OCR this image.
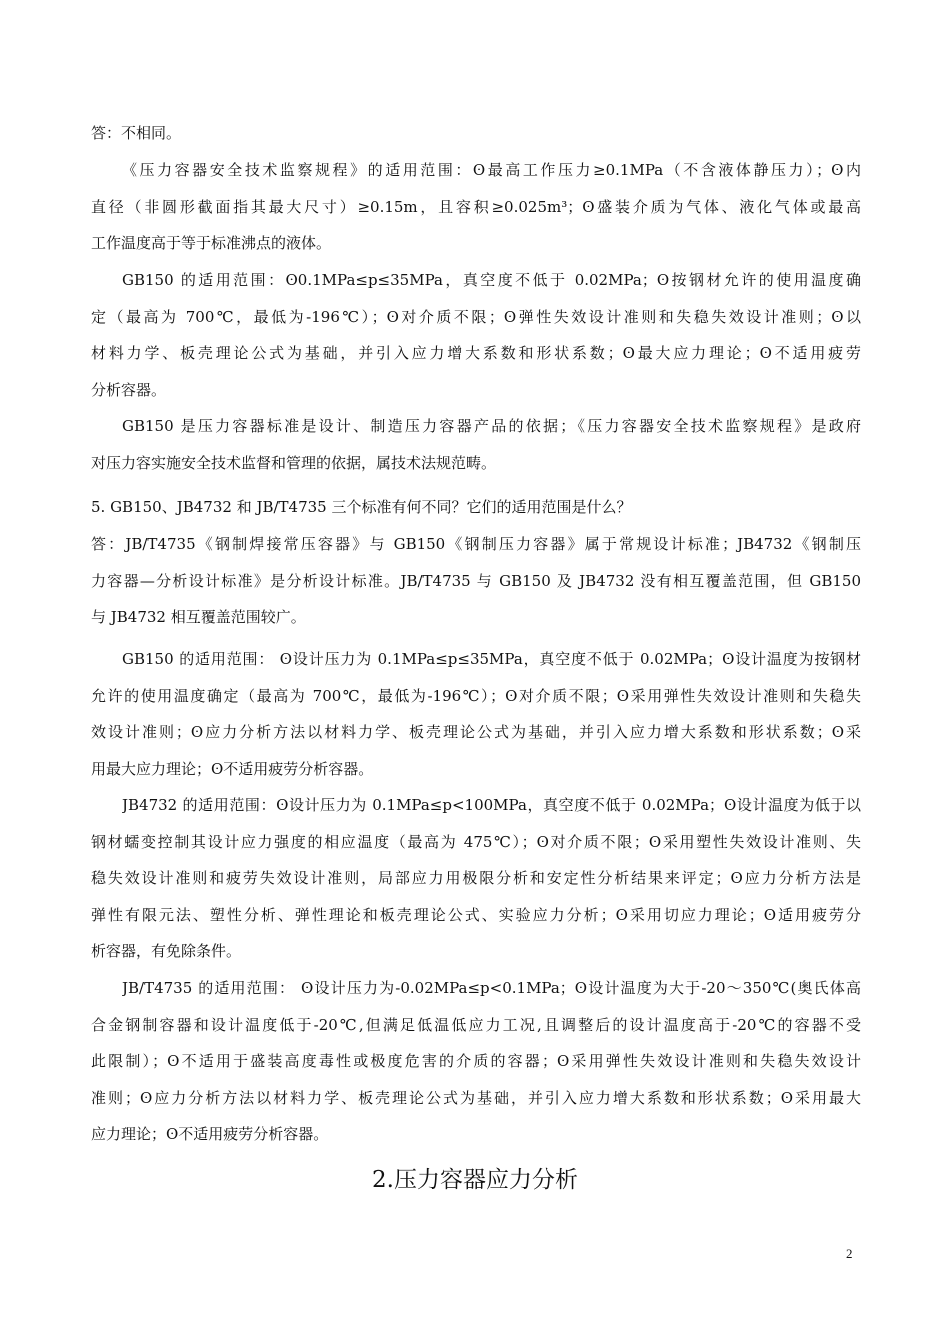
答：不相同。
《压力容器安全技术监察规程》的适用范围：ʘ最高工作压力≥0.1MPa（不含液体静压力）；ʘ内
直径（非圆形截面指其最大尺寸）≥0.15m，且容积≥0.025m³；ʘ盛装介质为气体、液化气体或最高
工作温度高于等于标准沸点的液体。
GB150 的适用范围：ʘ0.1MPa≤p≤35MPa，真空度不低于 0.02MPa；ʘ按钢材允许的使用温度确
定（最高为 700℃，最低为-196℃）；ʘ对介质不限；ʘ弹性失效设计准则和失稳失效设计准则；ʘ以
材料力学、板壳理论公式为基础，并引入应力增大系数和形状系数；ʘ最大应力理论；ʘ不适用疲劳
分析容器。
GB150 是压力容器标准是设计、制造压力容器产品的依据；《压力容器安全技术监察规程》是政府
对压力容实施安全技术监督和管理的依据，属技术法规范畴。
5. GB150、JB4732 和 JB/T4735 三个标准有何不同？它们的适用范围是什么？
答：JB/T4735《钢制焊接常压容器》与 GB150《钢制压力容器》属于常规设计标准；JB4732《钢制压
力容器—分析设计标准》是分析设计标准。JB/T4735 与 GB150 及 JB4732 没有相互覆盖范围，但 GB150
与 JB4732 相互覆盖范围较广。
GB150 的适用范围： ʘ设计压力为 0.1MPa≤p≤35MPa，真空度不低于 0.02MPa；ʘ设计温度为按钢材
允许的使用温度确定（最高为 700℃，最低为-196℃）；ʘ对介质不限；ʘ采用弹性失效设计准则和失稳失
效设计准则；ʘ应力分析方法以材料力学、板壳理论公式为基础，并引入应力增大系数和形状系数；ʘ采
用最大应力理论；ʘ不适用疲劳分析容器。
JB4732 的适用范围：ʘ设计压力为 0.1MPa≤p<100MPa，真空度不低于 0.02MPa；ʘ设计温度为低于以
钢材蠕变控制其设计应力强度的相应温度（最高为 475℃）；ʘ对介质不限；ʘ采用塑性失效设计准则、失
稳失效设计准则和疲劳失效设计准则，局部应力用极限分析和安定性分析结果来评定；ʘ应力分析方法是
弹性有限元法、塑性分析、弹性理论和板壳理论公式、实验应力分析；ʘ采用切应力理论；ʘ适用疲劳分
析容器，有免除条件。
JB/T4735 的适用范围： ʘ设计压力为-0.02MPa≤p<0.1MPa；ʘ设计温度为大于-20～350℃(奥氏体高
合金钢制容器和设计温度低于-20℃,但满足低温低应力工况,且调整后的设计温度高于-20℃的容器不受
此限制）；ʘ不适用于盛装高度毒性或极度危害的介质的容器；ʘ采用弹性失效设计准则和失稳失效设计
准则；ʘ应力分析方法以材料力学、板壳理论公式为基础，并引入应力增大系数和形状系数；ʘ采用最大
应力理论；ʘ不适用疲劳分析容器。
2.压力容器应力分析
2
